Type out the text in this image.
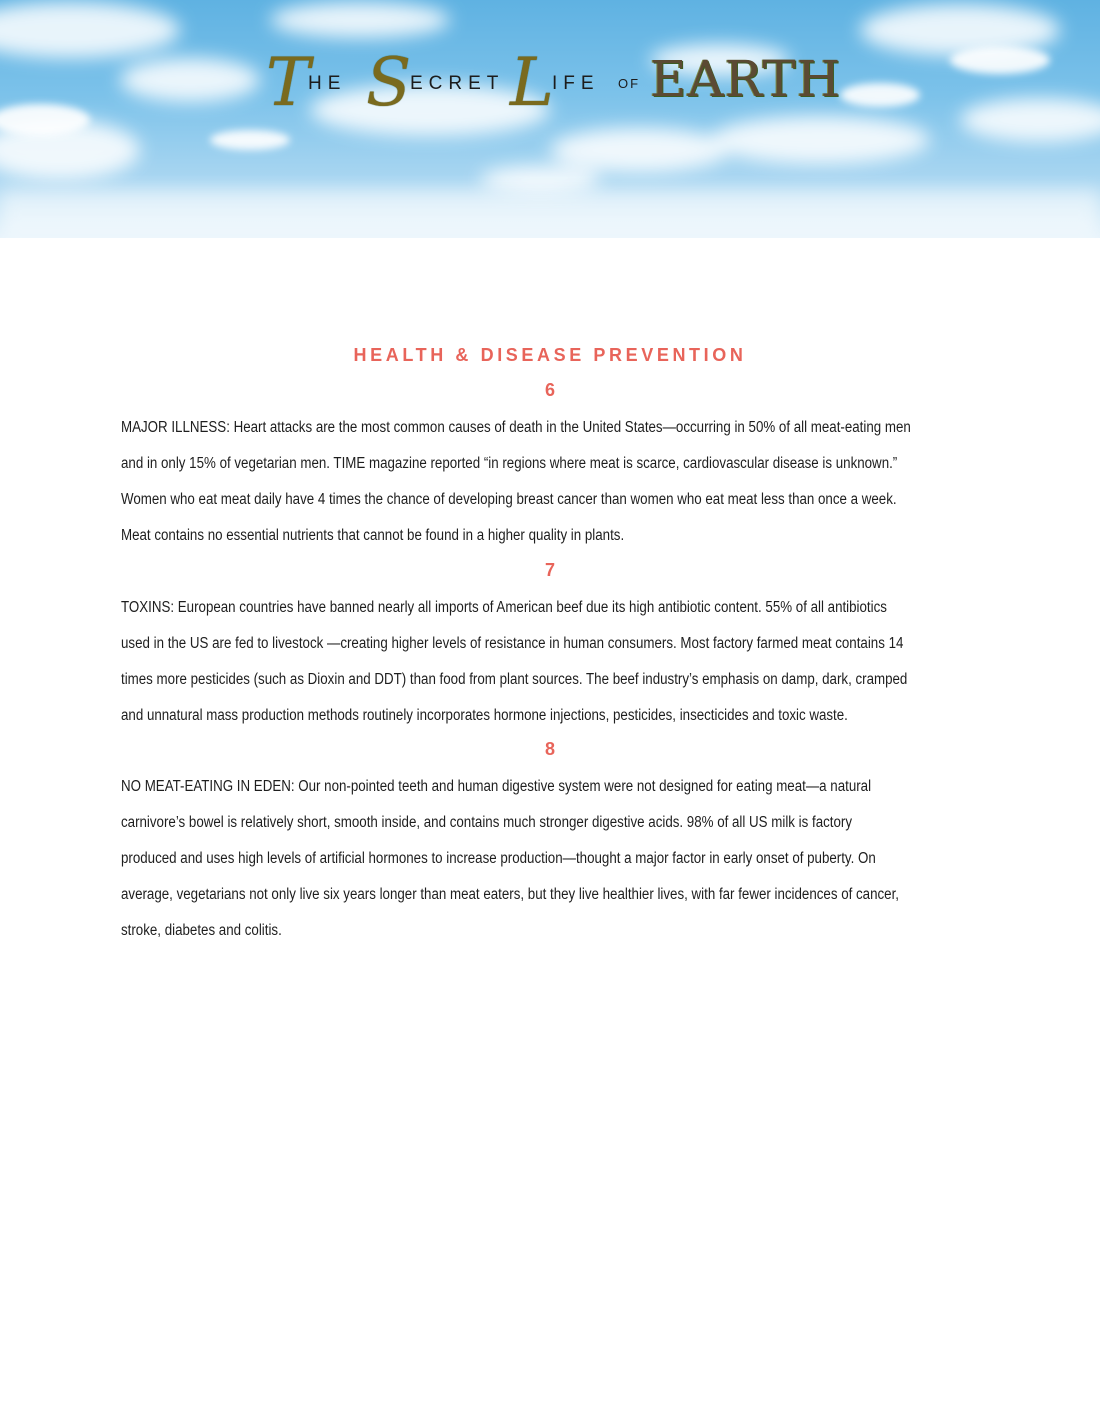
T
HE S
ECRET L
IFE OF EARTH
HEALTH & DISEASE PREVENTION
6
MAJOR ILLNESS: Heart attacks are the most common causes of death in the United States—occurring in 50% of all meat-eating men
and in only 15% of vegetarian men. TIME magazine reported “in regions where meat is scarce, cardiovascular disease is unknown.”
Women who eat meat daily have 4 times the chance of developing breast cancer than women who eat meat less than once a week.
Meat contains no essential nutrients that cannot be found in a higher quality in plants.
7
TOXINS: European countries have banned nearly all imports of American beef due its high antibiotic content. 55% of all antibiotics
used in the US are fed to livestock —creating higher levels of resistance in human consumers. Most factory farmed meat contains 14
times more pesticides (such as Dioxin and DDT) than food from plant sources. The beef industry’s emphasis on damp, dark, cramped
and unnatural mass production methods routinely incorporates hormone injections, pesticides, insecticides and toxic waste.
8
NO MEAT-EATING IN EDEN: Our non-pointed teeth and human digestive system were not designed for eating meat—a natural
carnivore’s bowel is relatively short, smooth inside, and contains much stronger digestive acids. 98% of all US milk is factory
produced and uses high levels of artificial hormones to increase production—thought a major factor in early onset of puberty. On
average, vegetarians not only live six years longer than meat eaters, but they live healthier lives, with far fewer incidences of cancer,
stroke, diabetes and colitis.
